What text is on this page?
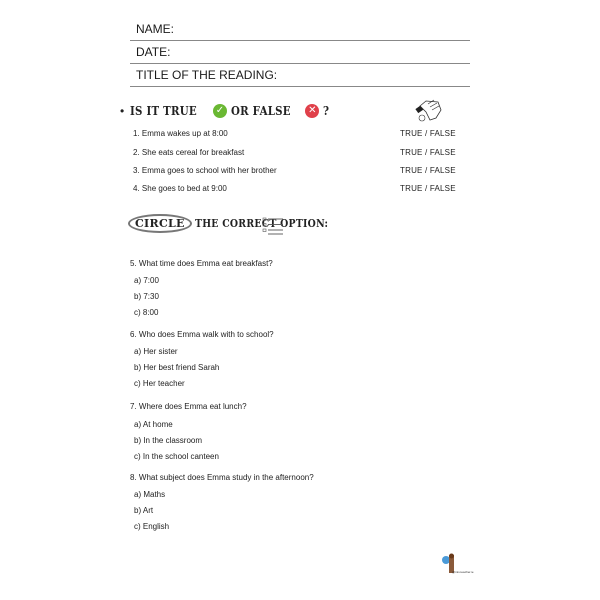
NAME:
DATE:
TITLE OF THE READING:
• IS IT TRUE ✓ OR FALSE ✕ ?
1. Emma wakes up at 8:00	TRUE / FALSE
2. She eats cereal for breakfast	TRUE / FALSE
3. Emma goes to school with her brother	TRUE / FALSE
4. She goes to bed at 9:00	TRUE / FALSE
CIRCLE THE CORRECT OPTION:
5. What time does Emma eat breakfast?
a) 7:00
b) 7:30
c) 8:00
6. Who does Emma walk with to school?
a) Her sister
b) Her best friend Sarah
c) Her teacher
7. Where does Emma eat lunch?
a) At home
b) In the classroom
c) In the school canteen
8. What subject does Emma study in the afternoon?
a) Maths
b) Art
c) English
@mis.teacher.ie
